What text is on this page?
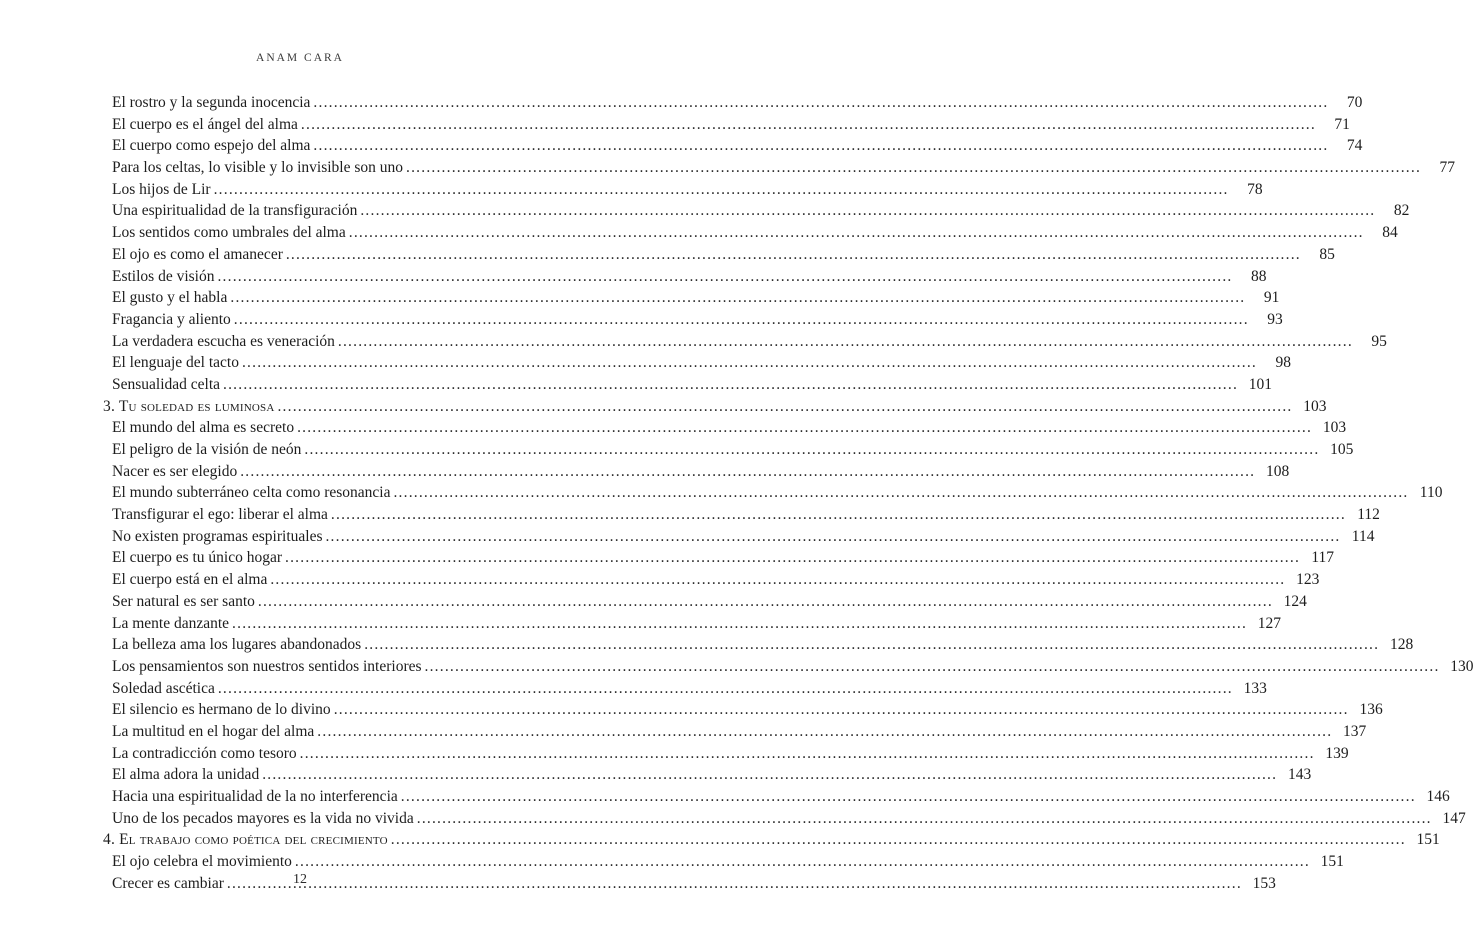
ANAM CARA
El rostro y la segunda inocencia .....	70
El cuerpo es el ángel del alma .....	71
El cuerpo como espejo del alma .....	74
Para los celtas, lo visible y lo invisible son uno .....	77
Los hijos de Lir .....	78
Una espiritualidad de la transfiguración .....	82
Los sentidos como umbrales del alma .....	84
El ojo es como el amanecer .....	85
Estilos de visión .....	88
El gusto y el habla .....	91
Fragancia y aliento .....	93
La verdadera escucha es veneración .....	95
El lenguaje del tacto .....	98
Sensualidad celta .....	101
3. Tu soledad es luminosa .....	103
El mundo del alma es secreto .....	103
El peligro de la visión de neón .....	105
Nacer es ser elegido .....	108
El mundo subterráneo celta como resonancia .....	110
Transfigurar el ego: liberar el alma .....	112
No existen programas espirituales .....	114
El cuerpo es tu único hogar .....	117
El cuerpo está en el alma .....	123
Ser natural es ser santo .....	124
La mente danzante .....	127
La belleza ama los lugares abandonados .....	128
Los pensamientos son nuestros sentidos interiores .....	130
Soledad ascética .....	133
El silencio es hermano de lo divino .....	136
La multitud en el hogar del alma .....	137
La contradicción como tesoro .....	139
El alma adora la unidad .....	143
Hacia una espiritualidad de la no interferencia .....	146
Uno de los pecados mayores es la vida no vivida .....	147
4. El trabajo como poética del crecimiento .....	151
El ojo celebra el movimiento .....	151
Crecer es cambiar .....	153
12
